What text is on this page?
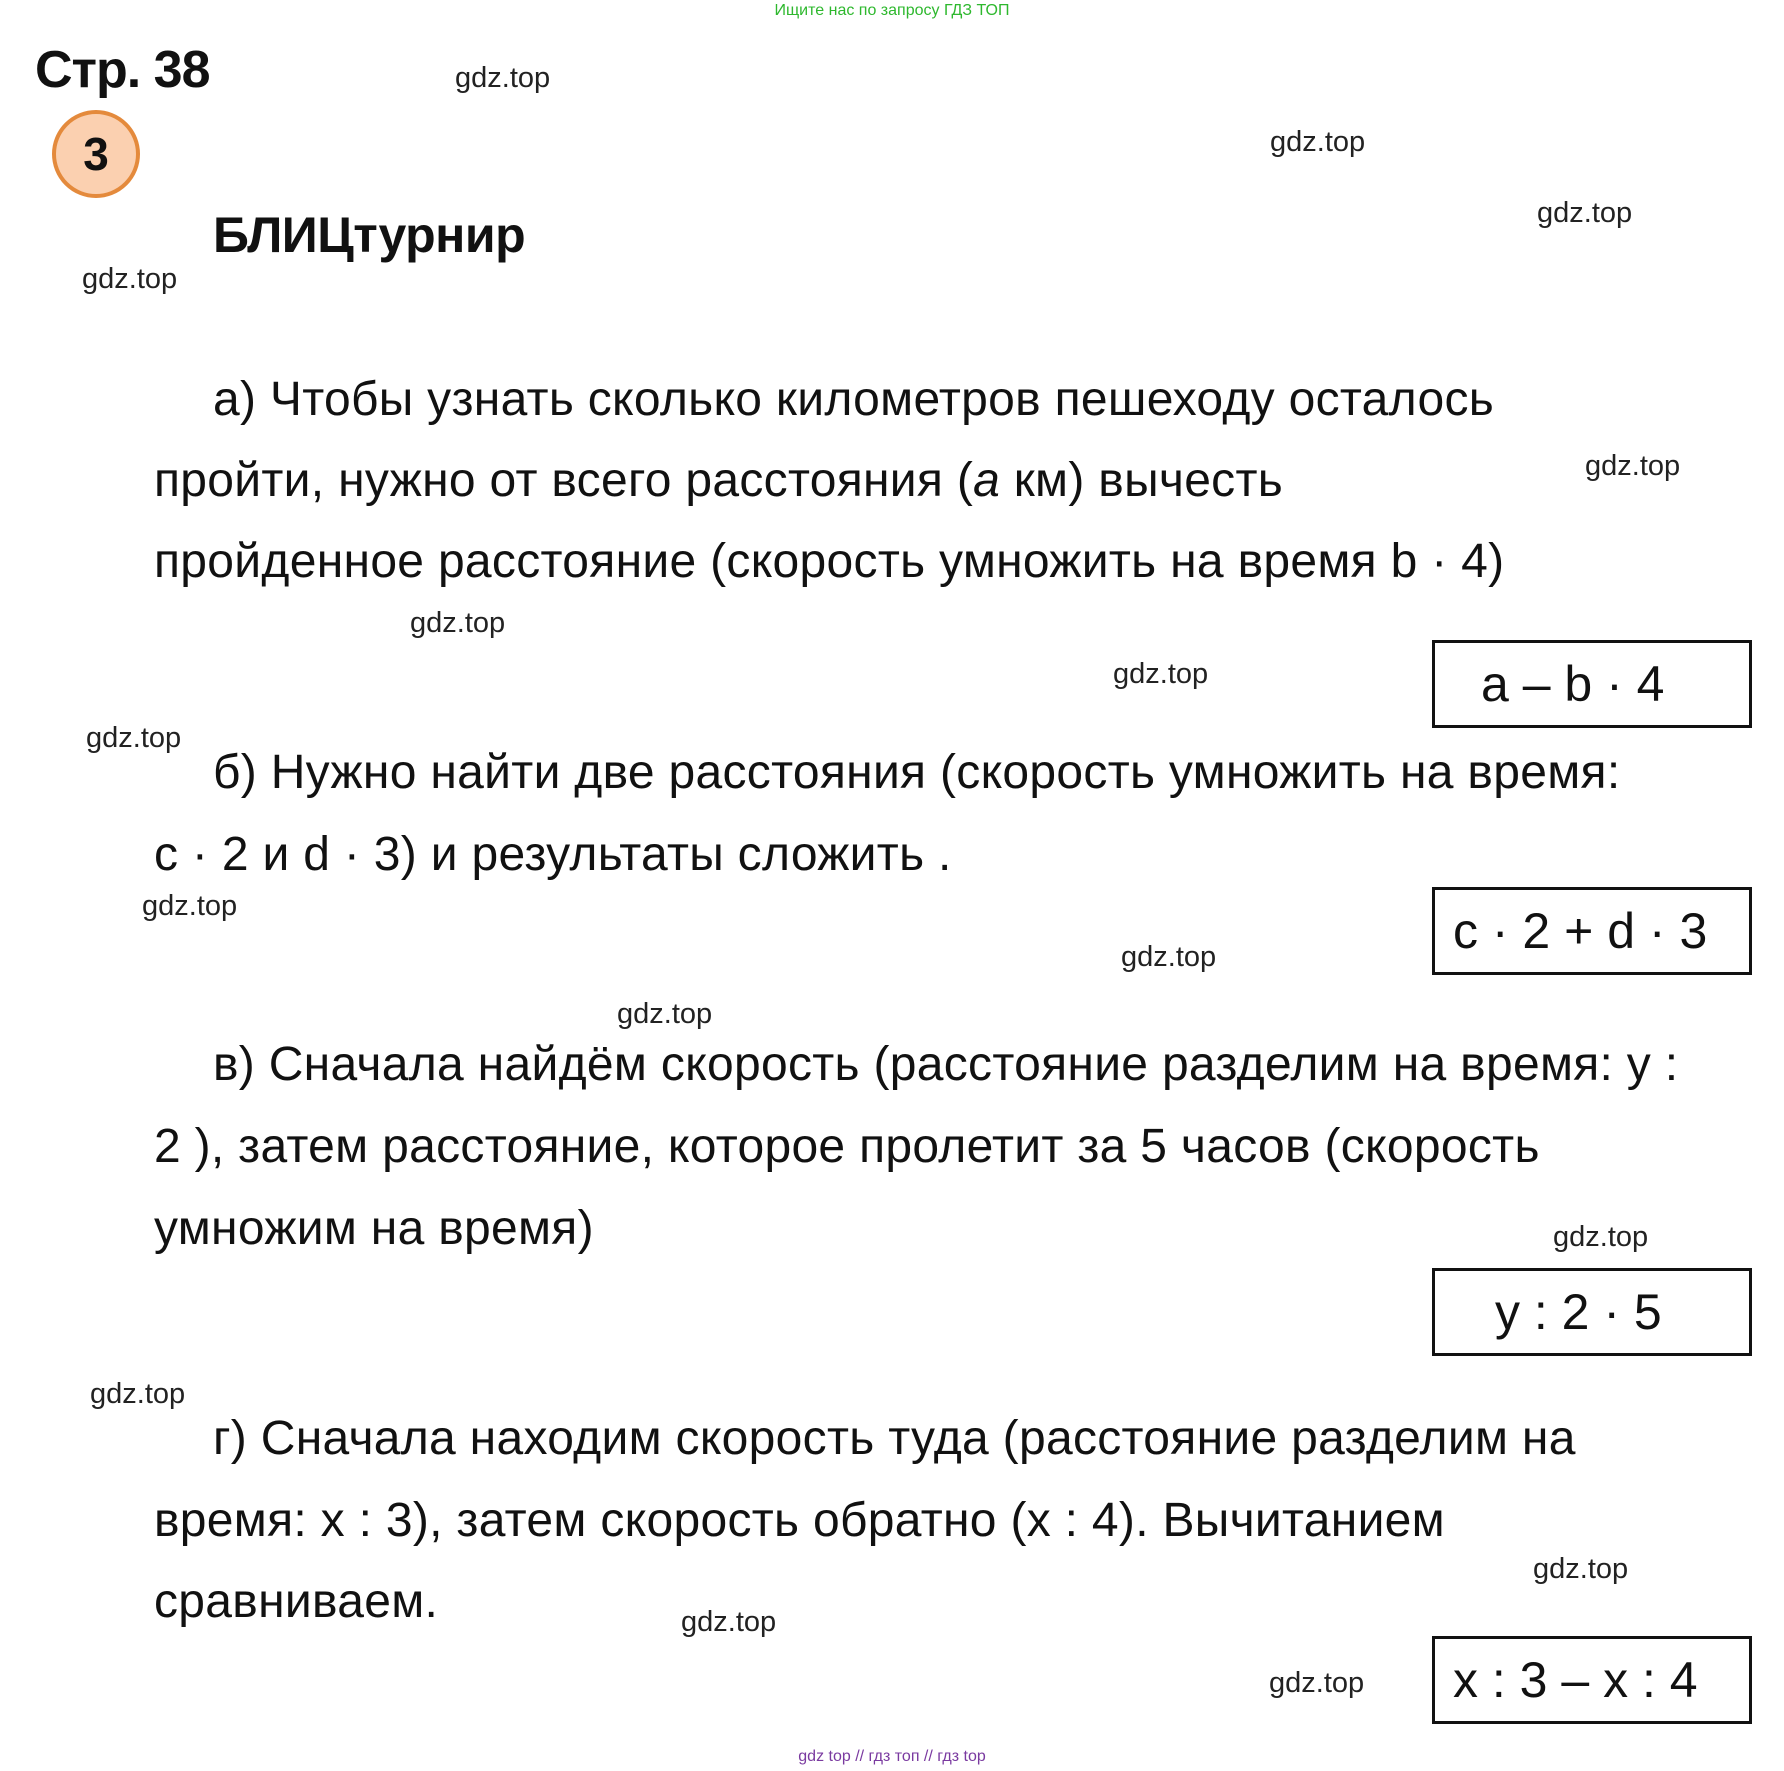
Ищите нас по запросу ГДЗ ТОП
Стр. 38
3
БЛИЦтурнир
gdz.top
gdz.top
gdz.top
gdz.top
gdz.top
gdz.top
gdz.top
gdz.top
gdz.top
gdz.top
gdz.top
gdz.top
gdz.top
gdz.top
gdz.top
gdz.top
а) Чтобы узнать сколько километров пешеходу осталось
пройти, нужно от всего расстояния (a км) вычесть
пройденное расстояние (скорость умножить на время b · 4)
a – b · 4
б) Нужно найти две расстояния (скорость умножить на время:
c · 2 и d · 3) и результаты сложить .
c · 2 + d · 3
в) Сначала найдём скорость (расстояние разделим на время: y :
2 ), затем расстояние, которое пролетит за 5 часов (скорость
умножим на время)
y : 2 · 5
г) Сначала находим скорость туда (расстояние разделим на
время: x : 3), затем скорость обратно (x : 4). Вычитанием
сравниваем.
x : 3 – x : 4
gdz top // гдз топ // гдз top
